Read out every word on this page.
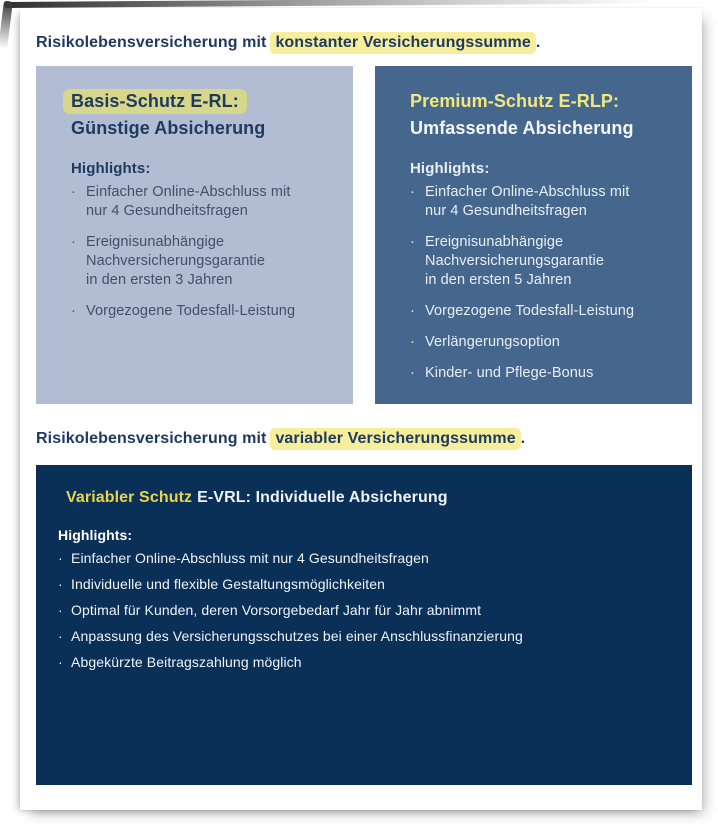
Risikolebensversicherung mit konstanter Versicherungssumme .
Basis-Schutz E-RL:
Günstige Absicherung
Highlights:
· Einfacher Online-Abschluss mit
nur 4 Gesundheitsfragen
· Ereignisunabhängige
Nachversicherungsgarantie
in den ersten 3 Jahren
· Vorgezogene Todesfall-Leistung
Premium-Schutz E-RLP:
Umfassende Absicherung
Highlights:
· Einfacher Online-Abschluss mit
nur 4 Gesundheitsfragen
· Ereignisunabhängige
Nachversicherungsgarantie
in den ersten 5 Jahren
· Vorgezogene Todesfall-Leistung
· Verlängerungsoption
· Kinder- und Pflege-Bonus
Risikolebensversicherung mit variabler Versicherungssumme .
Variabler Schutz E-VRL: Individuelle Absicherung
Highlights:
· Einfacher Online-Abschluss mit nur 4 Gesundheitsfragen
· Individuelle und flexible Gestaltungsmöglichkeiten
· Optimal für Kunden, deren Vorsorgebedarf Jahr für Jahr abnimmt
· Anpassung des Versicherungsschutzes bei einer Anschlussfinanzierung
· Abgekürzte Beitragszahlung möglich
